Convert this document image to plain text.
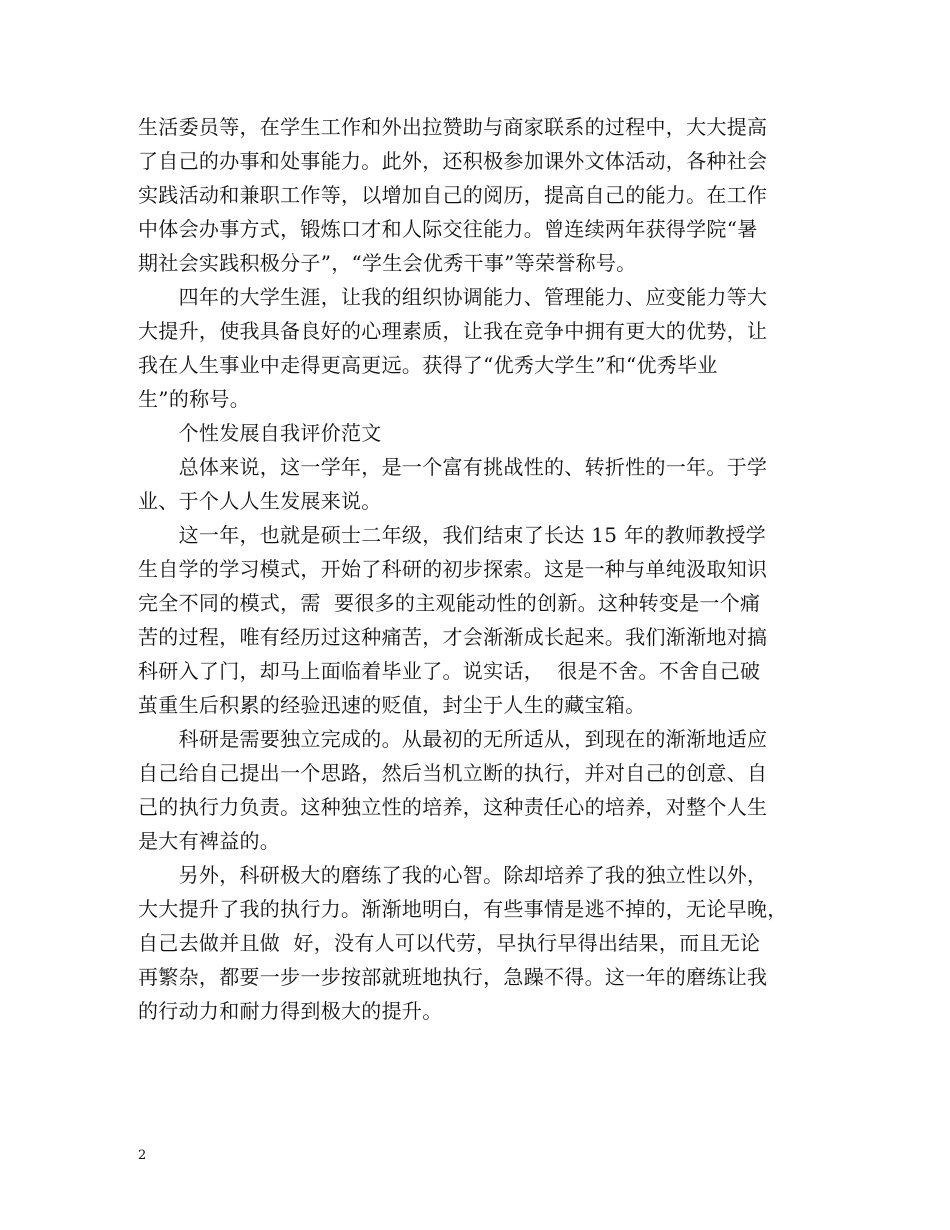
生活委员等，在学生工作和外出拉赞助与商家联系的过程中，大大提高
了自己的办事和处事能力。此外，还积极参加课外文体活动，各种社会
实践活动和兼职工作等，以增加自己的阅历，提高自己的能力。在工作
中体会办事方式，锻炼口才和人际交往能力。曾连续两年获得学院“暑
期社会实践积极分子”，“学生会优秀干事”等荣誉称号。
　　四年的大学生涯，让我的组织协调能力、管理能力、应变能力等大
大提升，使我具备良好的心理素质，让我在竞争中拥有更大的优势，让
我在人生事业中走得更高更远。获得了“优秀大学生”和“优秀毕业
生”的称号。
　　个性发展自我评价范文
　　总体来说，这一学年，是一个富有挑战性的、转折性的一年。于学
业、于个人人生发展来说。
　　这一年，也就是硕士二年级，我们结束了长达 15 年的教师教授学
生自学的学习模式，开始了科研的初步探索。这是一种与单纯汲取知识
完全不同的模式，需  要很多的主观能动性的创新。这种转变是一个痛
苦的过程，唯有经历过这种痛苦，才会渐渐成长起来。我们渐渐地对搞
科研入了门，却马上面临着毕业了。说实话，  很是不舍。不舍自己破
茧重生后积累的经验迅速的贬值，封尘于人生的藏宝箱。
　　科研是需要独立完成的。从最初的无所适从，到现在的渐渐地适应
自己给自己提出一个思路，然后当机立断的执行，并对自己的创意、自
己的执行力负责。这种独立性的培养，这种责任心的培养，对整个人生
是大有裨益的。
　　另外，科研极大的磨练了我的心智。除却培养了我的独立性以外，
大大提升了我的执行力。渐渐地明白，有些事情是逃不掉的，无论早晚，
自己去做并且做  好，没有人可以代劳，早执行早得出结果，而且无论
再繁杂，都要一步一步按部就班地执行，急躁不得。这一年的磨练让我
的行动力和耐力得到极大的提升。
2
